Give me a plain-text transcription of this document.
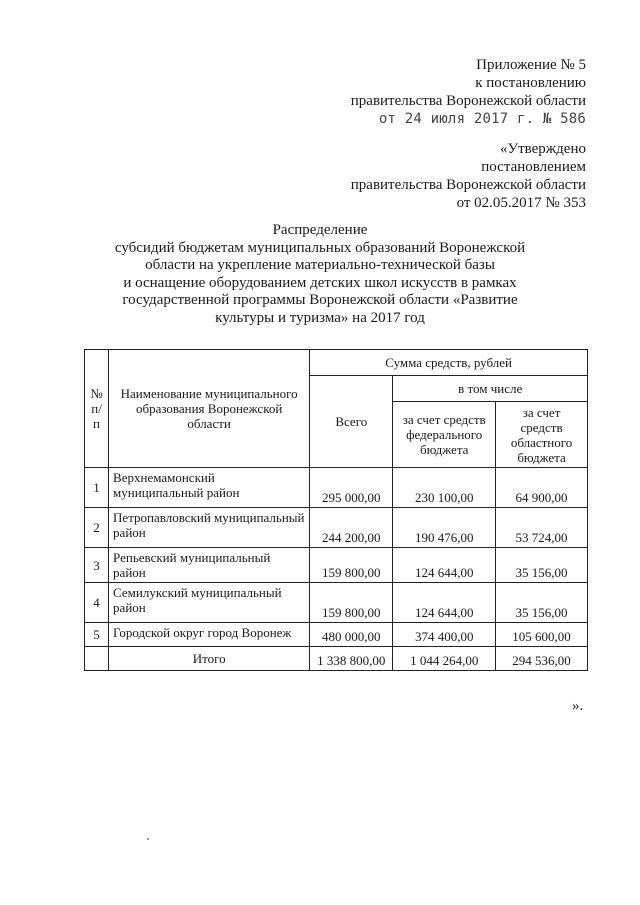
Приложение № 5
к постановлению
правительства Воронежской области
от 24 июля 2017 г. № 586
«Утверждено
постановлением
правительства Воронежской области
от 02.05.2017 № 353
Распределение
субсидий бюджетам муниципальных образований Воронежской
области на укрепление материально-технической базы
и оснащение оборудованием детских школ искусств в рамках
государственной программы Воронежской области «Развитие
культуры и туризма» на 2017 год
№ п/п	Наименование муниципального образования Воронежской области	Сумма средств, рублей		
		Всего	в том числе	
			за счет средств федерального бюджета	за счет средств областного бюджета
1	Верхнемамонский муниципальный район	295 000,00	230 100,00	64 900,00
2	Петропавловский муниципальный район	244 200,00	190 476,00	53 724,00
3	Репьевский муниципальный район	159 800,00	124 644,00	35 156,00
4	Семилукский муниципальный район	159 800,00	124 644,00	35 156,00
5	Городской округ город Воронеж	480 000,00	374 400,00	105 600,00
	Итого	1 338 800,00	1 044 264,00	294 536,00
».
